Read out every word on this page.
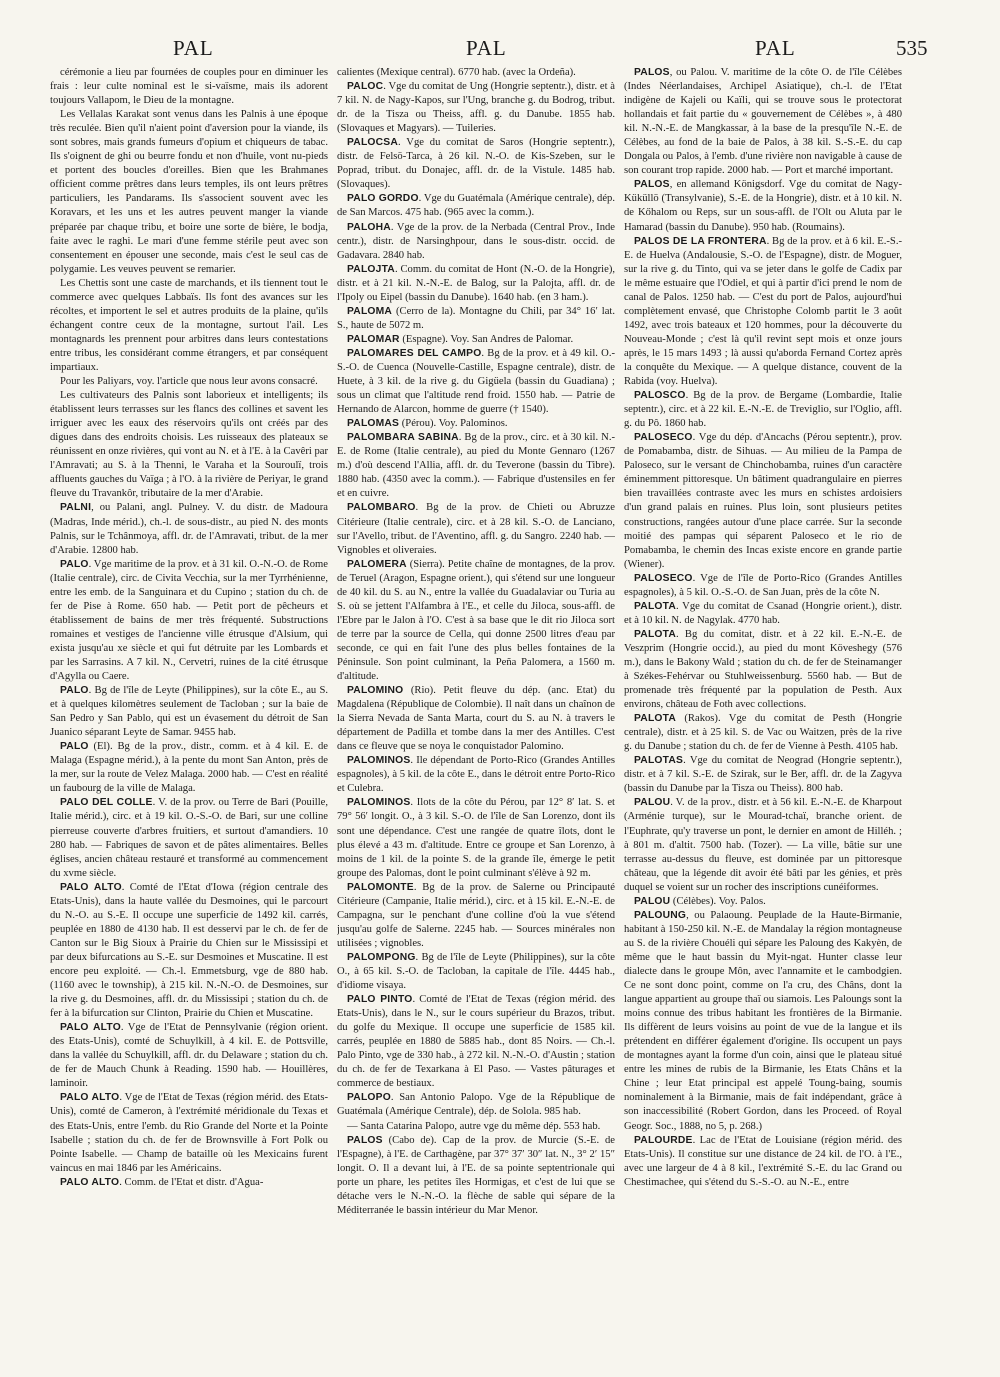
PAL	PAL	PAL	535

cérémonie a lieu par fournées de couples pour en diminuer les frais : leur culte nominal est le si-vaïsme, mais ils adorent toujours Vallapom, le Dieu de la montagne.

Les Vellalas Karakat sont venus dans les Palnis à une époque très reculée. Bien qu'il n'aient point d'aversion pour la viande, ils sont sobres, mais grands fumeurs d'opium et chiqueurs de tabac. Ils s'oignent de ghi ou beurre fondu et non d'huile, vont nu-pieds et portent des boucles d'oreilles. Bien que les Brahmanes officient comme prêtres dans leurs temples, ils ont leurs prêtres particuliers, les Pandarams. Ils s'associent souvent avec les Koravars, et les uns et les autres peuvent manger la viande préparée par chaque tribu, et boire une sorte de bière, le bodja, faite avec le raghi. Le mari d'une femme stérile peut avec son consentement en épouser une seconde, mais c'est le seul cas de polygamie. Les veuves peuvent se remarier.

Les Chettis sont une caste de marchands, et ils tiennent tout le commerce avec quelques Labbaïs. Ils font des avances sur les récoltes, et importent le sel et autres produits de la plaine, qu'ils échangent contre ceux de la montagne, surtout l'ail. Les montagnards les prennent pour arbitres dans leurs contestations entre tribus, les considérant comme étrangers, et par conséquent impartiaux.

Pour les Paliyars, voy. l'article que nous leur avons consacré.

Les cultivateurs des Palnis sont laborieux et intelligents; ils établissent leurs terrasses sur les flancs des collines et savent les irriguer avec les eaux des réservoirs qu'ils ont créés par des digues dans des endroits choisis. Les ruisseaux des plateaux se réunissent en onze rivières, qui vont au N. et à l'E. à la Cavêri par l'Amravati; au S. à la Thenni, le Varaha et la Souroulï, trois affluents gauches du Vaïga ; à l'O. à la rivière de Periyar, le grand fleuve du Travankôr, tributaire de la mer d'Arabie.

PALNI, ou Palani, angl. Pulney. V. du distr. de Madoura (Madras, Inde mérid.), ch.-l. de sous-distr., au pied N. des monts Palnis, sur le Tchânmoya, affl. dr. de l'Amravati, tribut. de la mer d'Arabie. 12800 hab.

PALO. Vge maritime de la prov. et à 31 kil. O.-N.-O. de Rome (Italie centrale), circ. de Civita Vecchia, sur la mer Tyrrhénienne, entre les emb. de la Sanguinara et du Cupino ; station du ch. de fer de Pise à Rome. 650 hab. — Petit port de pêcheurs et établissement de bains de mer très fréquenté. Substructions romaines et vestiges de l'ancienne ville étrusque d'Alsium, qui exista jusqu'au xe siècle et qui fut détruite par les Lombards et par les Sarrasins. A 7 kil. N., Cervetri, ruines de la cité étrusque d'Agylla ou Caere.

PALO. Bg de l'île de Leyte (Philippines), sur la côte E., au S. et à quelques kilomètres seulement de Tacloban ; sur la baie de San Pedro y San Pablo, qui est un évasement du détroit de San Juanico séparant Leyte de Samar. 9455 hab.

PALO (El). Bg de la prov., distr., comm. et à 4 kil. E. de Malaga (Espagne mérid.), à la pente du mont San Anton, près de la mer, sur la route de Velez Malaga. 2000 hab. — C'est en réalité un faubourg de la ville de Malaga.

PALO DEL COLLE. V. de la prov. ou Terre de Bari (Pouille, Italie mérid.), circ. et à 19 kil. O.-S.-O. de Bari, sur une colline pierreuse couverte d'arbres fruitiers, et surtout d'amandiers. 10 280 hab. — Fabriques de savon et de pâtes alimentaires. Belles églises, ancien château restauré et transformé au commencement du xvme siècle.

PALO ALTO. Comté de l'Etat d'Iowa (région centrale des Etats-Unis), dans la haute vallée du Desmoines, qui le parcourt du N.-O. au S.-E. Il occupe une superficie de 1492 kil. carrés, peuplée en 1880 de 4130 hab. Il est desservi par le ch. de fer de Canton sur le Big Sioux à Prairie du Chien sur le Mississipi et par deux bifurcations au S.-E. sur Desmoines et Muscatine. Il est encore peu exploité. — Ch.-l. Emmetsburg, vge de 880 hab. (1160 avec le township), à 215 kil. N.-N.-O. de Desmoines, sur la rive g. du Desmoines, affl. dr. du Mississipi ; station du ch. de fer à la bifurcation sur Clinton, Prairie du Chien et Muscatine.

PALO ALTO. Vge de l'Etat de Pennsylvanie (région orient. des Etats-Unis), comté de Schuylkill, à 4 kil. E. de Pottsville, dans la vallée du Schuylkill, affl. dr. du Delaware ; station du ch. de fer de Mauch Chunk à Reading. 1590 hab. — Houillères, laminoir.

PALO ALTO. Vge de l'Etat de Texas (région mérid. des Etats-Unis), comté de Cameron, à l'extrémité méridionale du Texas et des Etats-Unis, entre l'emb. du Rio Grande del Norte et la Pointe Isabelle ; station du ch. de fer de Brownsville à Fort Polk ou Pointe Isabelle. — Champ de bataille où les Mexicains furent vaincus en mai 1846 par les Américains.

PALO ALTO. Comm. de l'Etat et distr. d'Agua-

calientes (Mexique central). 6770 hab. (avec la Ordeña).

PALOC. Vge du comitat de Ung (Hongrie septentr.), distr. et à 7 kil. N. de Nagy-Kapos, sur l'Ung, branche g. du Bodrog, tribut. dr. de la Tisza ou Theiss, affl. g. du Danube. 1855 hab. (Slovaques et Magyars). — Tuileries.

PALOCSA. Vge du comitat de Saros (Hongrie septentr.), distr. de Felsö-Tarca, à 26 kil. N.-O. de Kis-Szeben, sur le Poprad, tribut. du Donajec, affl. dr. de la Vistule. 1485 hab. (Slovaques).

PALO GORDO. Vge du Guatémala (Amérique centrale), dép. de San Marcos. 475 hab. (965 avec la comm.).

PALOHA. Vge de la prov. de la Nerbada (Central Prov., Inde centr.), distr. de Narsinghpour, dans le sous-distr. occid. de Gadavara. 2840 hab.

PALOJTA. Comm. du comitat de Hont (N.-O. de la Hongrie), distr. et à 21 kil. N.-N.-E. de Balog, sur la Palojta, affl. dr. de l'Ipoly ou Eipel (bassin du Danube). 1640 hab. (en 3 ham.).

PALOMA (Cerro de la). Montagne du Chili, par 34° 16′ lat. S., haute de 5072 m.

PALOMAR (Espagne). Voy. San Andres de Palomar.

PALOMARES DEL CAMPO. Bg de la prov. et à 49 kil. O.-S.-O. de Cuenca (Nouvelle-Castille, Espagne centrale), distr. de Huete, à 3 kil. de la rive g. du Gigüela (bassin du Guadiana) ; sous un climat que l'altitude rend froid. 1550 hab. — Patrie de Hernando de Alarcon, homme de guerre († 1540).

PALOMAS (Pérou). Voy. Palominos.

PALOMBARA SABINA. Bg de la prov., circ. et à 30 kil. N.-E. de Rome (Italie centrale), au pied du Monte Gennaro (1267 m.) d'où descend l'Allia, affl. dr. du Teverone (bassin du Tibre). 1880 hab. (4350 avec la comm.). — Fabrique d'ustensiles en fer et en cuivre.

PALOMBARO. Bg de la prov. de Chieti ou Abruzze Citérieure (Italie centrale), circ. et à 28 kil. S.-O. de Lanciano, sur l'Avello, tribut. de l'Aventino, affl. g. du Sangro. 2240 hab. — Vignobles et oliveraies.

PALOMERA (Sierra). Petite chaîne de montagnes, de la prov. de Teruel (Aragon, Espagne orient.), qui s'étend sur une longueur de 40 kil. du S. au N., entre la vallée du Guadalaviar ou Turia au S. où se jettent l'Alfambra à l'E., et celle du Jiloca, sous-affl. de l'Ebre par le Jalon à l'O. C'est à sa base que le dit rio Jiloca sort de terre par la source de Cella, qui donne 2500 litres d'eau par seconde, ce qui en fait l'une des plus belles fontaines de la Péninsule. Son point culminant, la Peña Palomera, a 1560 m. d'altitude.

PALOMINO (Rio). Petit fleuve du dép. (anc. Etat) du Magdalena (République de Colombie). Il naît dans un chaînon de la Sierra Nevada de Santa Marta, court du S. au N. à travers le département de Padilla et tombe dans la mer des Antilles. C'est dans ce fleuve que se noya le conquistador Palomino.

PALOMINOS. Ile dépendant de Porto-Rico (Grandes Antilles espagnoles), à 5 kil. de la côte E., dans le détroit entre Porto-Rico et Culebra.

PALOMINOS. Ilots de la côte du Pérou, par 12° 8′ lat. S. et 79° 56′ longit. O., à 3 kil. S.-O. de l'île de San Lorenzo, dont ils sont une dépendance. C'est une rangée de quatre îlots, dont le plus élevé a 43 m. d'altitude. Entre ce groupe et San Lorenzo, à moins de 1 kil. de la pointe S. de la grande île, émerge le petit groupe des Palomas, dont le point culminant s'élève à 92 m.

PALOMONTE. Bg de la prov. de Salerne ou Principauté Citérieure (Campanie, Italie mérid.), circ. et à 15 kil. E.-N.-E. de Campagna, sur le penchant d'une colline d'où la vue s'étend jusqu'au golfe de Salerne. 2245 hab. — Sources minérales non utilisées ; vignobles.

PALOMPONG. Bg de l'île de Leyte (Philippines), sur la côte O., à 65 kil. S.-O. de Tacloban, la capitale de l'île. 4445 hab., d'idiome visaya.

PALO PINTO. Comté de l'Etat de Texas (région mérid. des Etats-Unis), dans le N., sur le cours supérieur du Brazos, tribut. du golfe du Mexique. Il occupe une superficie de 1585 kil. carrés, peuplée en 1880 de 5885 hab., dont 85 Noirs. — Ch.-l. Palo Pinto, vge de 330 hab., à 272 kil. N.-N.-O. d'Austin ; station du ch. de fer de Texarkana à El Paso. — Vastes pâturages et commerce de bestiaux.

PALOPO. San Antonio Palopo. Vge de la République de Guatémala (Amérique Centrale), dép. de Solola. 985 hab.

— Santa Catarina Palopo, autre vge du même dép. 553 hab.

PALOS (Cabo de). Cap de la prov. de Murcie (S.-E. de l'Espagne), à l'E. de Carthagène, par 37° 37′ 30″ lat. N., 3° 2′ 15″ longit. O. Il a devant lui, à l'E. de sa pointe septentrionale qui porte un phare, les petites îles Hormigas, et c'est de lui que se détache vers le N.-N.-O. la flèche de sable qui sépare de la Méditerranée le bassin intérieur du Mar Menor.

PALOS, ou Palou. V. maritime de la côte O. de l'île Célèbes (Indes Néerlandaises, Archipel Asiatique), ch.-l. de l'Etat indigène de Kajeli ou Kaïli, qui se trouve sous le protectorat hollandais et fait partie du « gouvernement de Célèbes », à 480 kil. N.-N.-E. de Mangkassar, à la base de la presqu'île N.-E. de Célèbes, au fond de la baie de Palos, à 38 kil. S.-S.-E. du cap Dongala ou Palos, à l'emb. d'une rivière non navigable à cause de son courant trop rapide. 2000 hab. — Port et marché important.

PALOS, en allemand Königsdorf. Vge du comitat de Nagy-Küküllö (Transylvanie), S.-E. de la Hongrie), distr. et à 10 kil. N. de Kőhalom ou Reps, sur un sous-affl. de l'Olt ou Aluta par le Hamarad (bassin du Danube). 950 hab. (Roumains).

PALOS DE LA FRONTERA. Bg de la prov. et à 6 kil. E.-S.-E. de Huelva (Andalousie, S.-O. de l'Espagne), distr. de Moguer, sur la rive g. du Tinto, qui va se jeter dans le golfe de Cadix par le même estuaire que l'Odiel, et qui à partir d'ici prend le nom de canal de Palos. 1250 hab. — C'est du port de Palos, aujourd'hui complètement envasé, que Christophe Colomb partit le 3 août 1492, avec trois bateaux et 120 hommes, pour la découverte du Nouveau-Monde ; c'est là qu'il revint sept mois et onze jours après, le 15 mars 1493 ; là aussi qu'aborda Fernand Cortez après la conquête du Mexique. — A quelque distance, couvent de la Rabida (voy. Huelva).

PALOSCO. Bg de la prov. de Bergame (Lombardie, Italie septentr.), circ. et à 22 kil. E.-N.-E. de Treviglio, sur l'Oglio, affl. g. du Pô. 1860 hab.

PALOSECO. Vge du dép. d'Ancachs (Pérou septentr.), prov. de Pomabamba, distr. de Sihuas. — Au milieu de la Pampa de Paloseco, sur le versant de Chinchobamba, ruines d'un caractère éminemment pittoresque. Un bâtiment quadrangulaire en pierres bien travaillées contraste avec les murs en schistes ardoisiers d'un grand palais en ruines. Plus loin, sont plusieurs petites constructions, rangées autour d'une place carrée. Sur la seconde moitié des pampas qui séparent Paloseco et le rio de Pomabamba, le chemin des Incas existe encore en grande partie (Wiener).

PALOSECO. Vge de l'île de Porto-Rico (Grandes Antilles espagnoles), à 5 kil. O.-S.-O. de San Juan, près de la côte N.

PALOTA. Vge du comitat de Csanad (Hongrie orient.), distr. et à 10 kil. N. de Nagylak. 4770 hab.

PALOTA. Bg du comitat, distr. et à 22 kil. E.-N.-E. de Veszprim (Hongrie occid.), au pied du mont Köveshegy (576 m.), dans le Bakony Wald ; station du ch. de fer de Steinamanger à Székes-Fehérvar ou Stuhlweissenburg. 5560 hab. — But de promenade très fréquenté par la population de Pesth. Aux environs, château de Foth avec collections.

PALOTA (Rakos). Vge du comitat de Pesth (Hongrie centrale), distr. et à 25 kil. S. de Vac ou Waitzen, près de la rive g. du Danube ; station du ch. de fer de Vienne à Pesth. 4105 hab.

PALOTAS. Vge du comitat de Neograd (Hongrie septentr.), distr. et à 7 kil. S.-E. de Szirak, sur le Ber, affl. dr. de la Zagyva (bassin du Danube par la Tisza ou Theiss). 800 hab.

PALOU. V. de la prov., distr. et à 56 kil. E.-N.-E. de Kharpout (Arménie turque), sur le Mourad-tchaï, branche orient. de l'Euphrate, qu'y traverse un pont, le dernier en amont de Hilléh. ; à 801 m. d'altit. 7500 hab. (Tozer). — La ville, bâtie sur une terrasse au-dessus du fleuve, est dominée par un pittoresque château, que la légende dit avoir été bâti par les génies, et près duquel se voient sur un rocher des inscriptions cunéiformes.

PALOU (Célèbes). Voy. Palos.

PALOUNG, ou Palaoung. Peuplade de la Haute-Birmanie, habitant à 150-250 kil. N.-E. de Mandalay la région montagneuse au S. de la rivière Chouéli qui sépare les Paloung des Kakyèn, de même que le haut bassin du Myit-ngat. Hunter classe leur dialecte dans le groupe Môn, avec l'annamite et le cambodgien. Ce ne sont donc point, comme on l'a cru, des Châns, dont la langue appartient au groupe thaï ou siamois. Les Paloungs sont la moins connue des tribus habitant les frontières de la Birmanie. Ils diffèrent de leurs voisins au point de vue de la langue et ils prétendent en différer également d'origine. Ils occupent un pays de montagnes ayant la forme d'un coin, ainsi que le plateau situé entre les mines de rubis de la Birmanie, les Etats Châns et la Chine ; leur Etat principal est appelé Toung-baing, soumis nominalement à la Birmanie, mais de fait indépendant, grâce à son inaccessibilité (Robert Gordon, dans les Proceed. of Royal Geogr. Soc., 1888, no 5, p. 268.)

PALOURDE. Lac de l'Etat de Louisiane (région mérid. des Etats-Unis). Il constitue sur une distance de 24 kil. de l'O. à l'E., avec une largeur de 4 à 8 kil., l'extrémité S.-E. du lac Grand ou Chestimachee, qui s'étend du S.-S.-O. au N.-E., entre
